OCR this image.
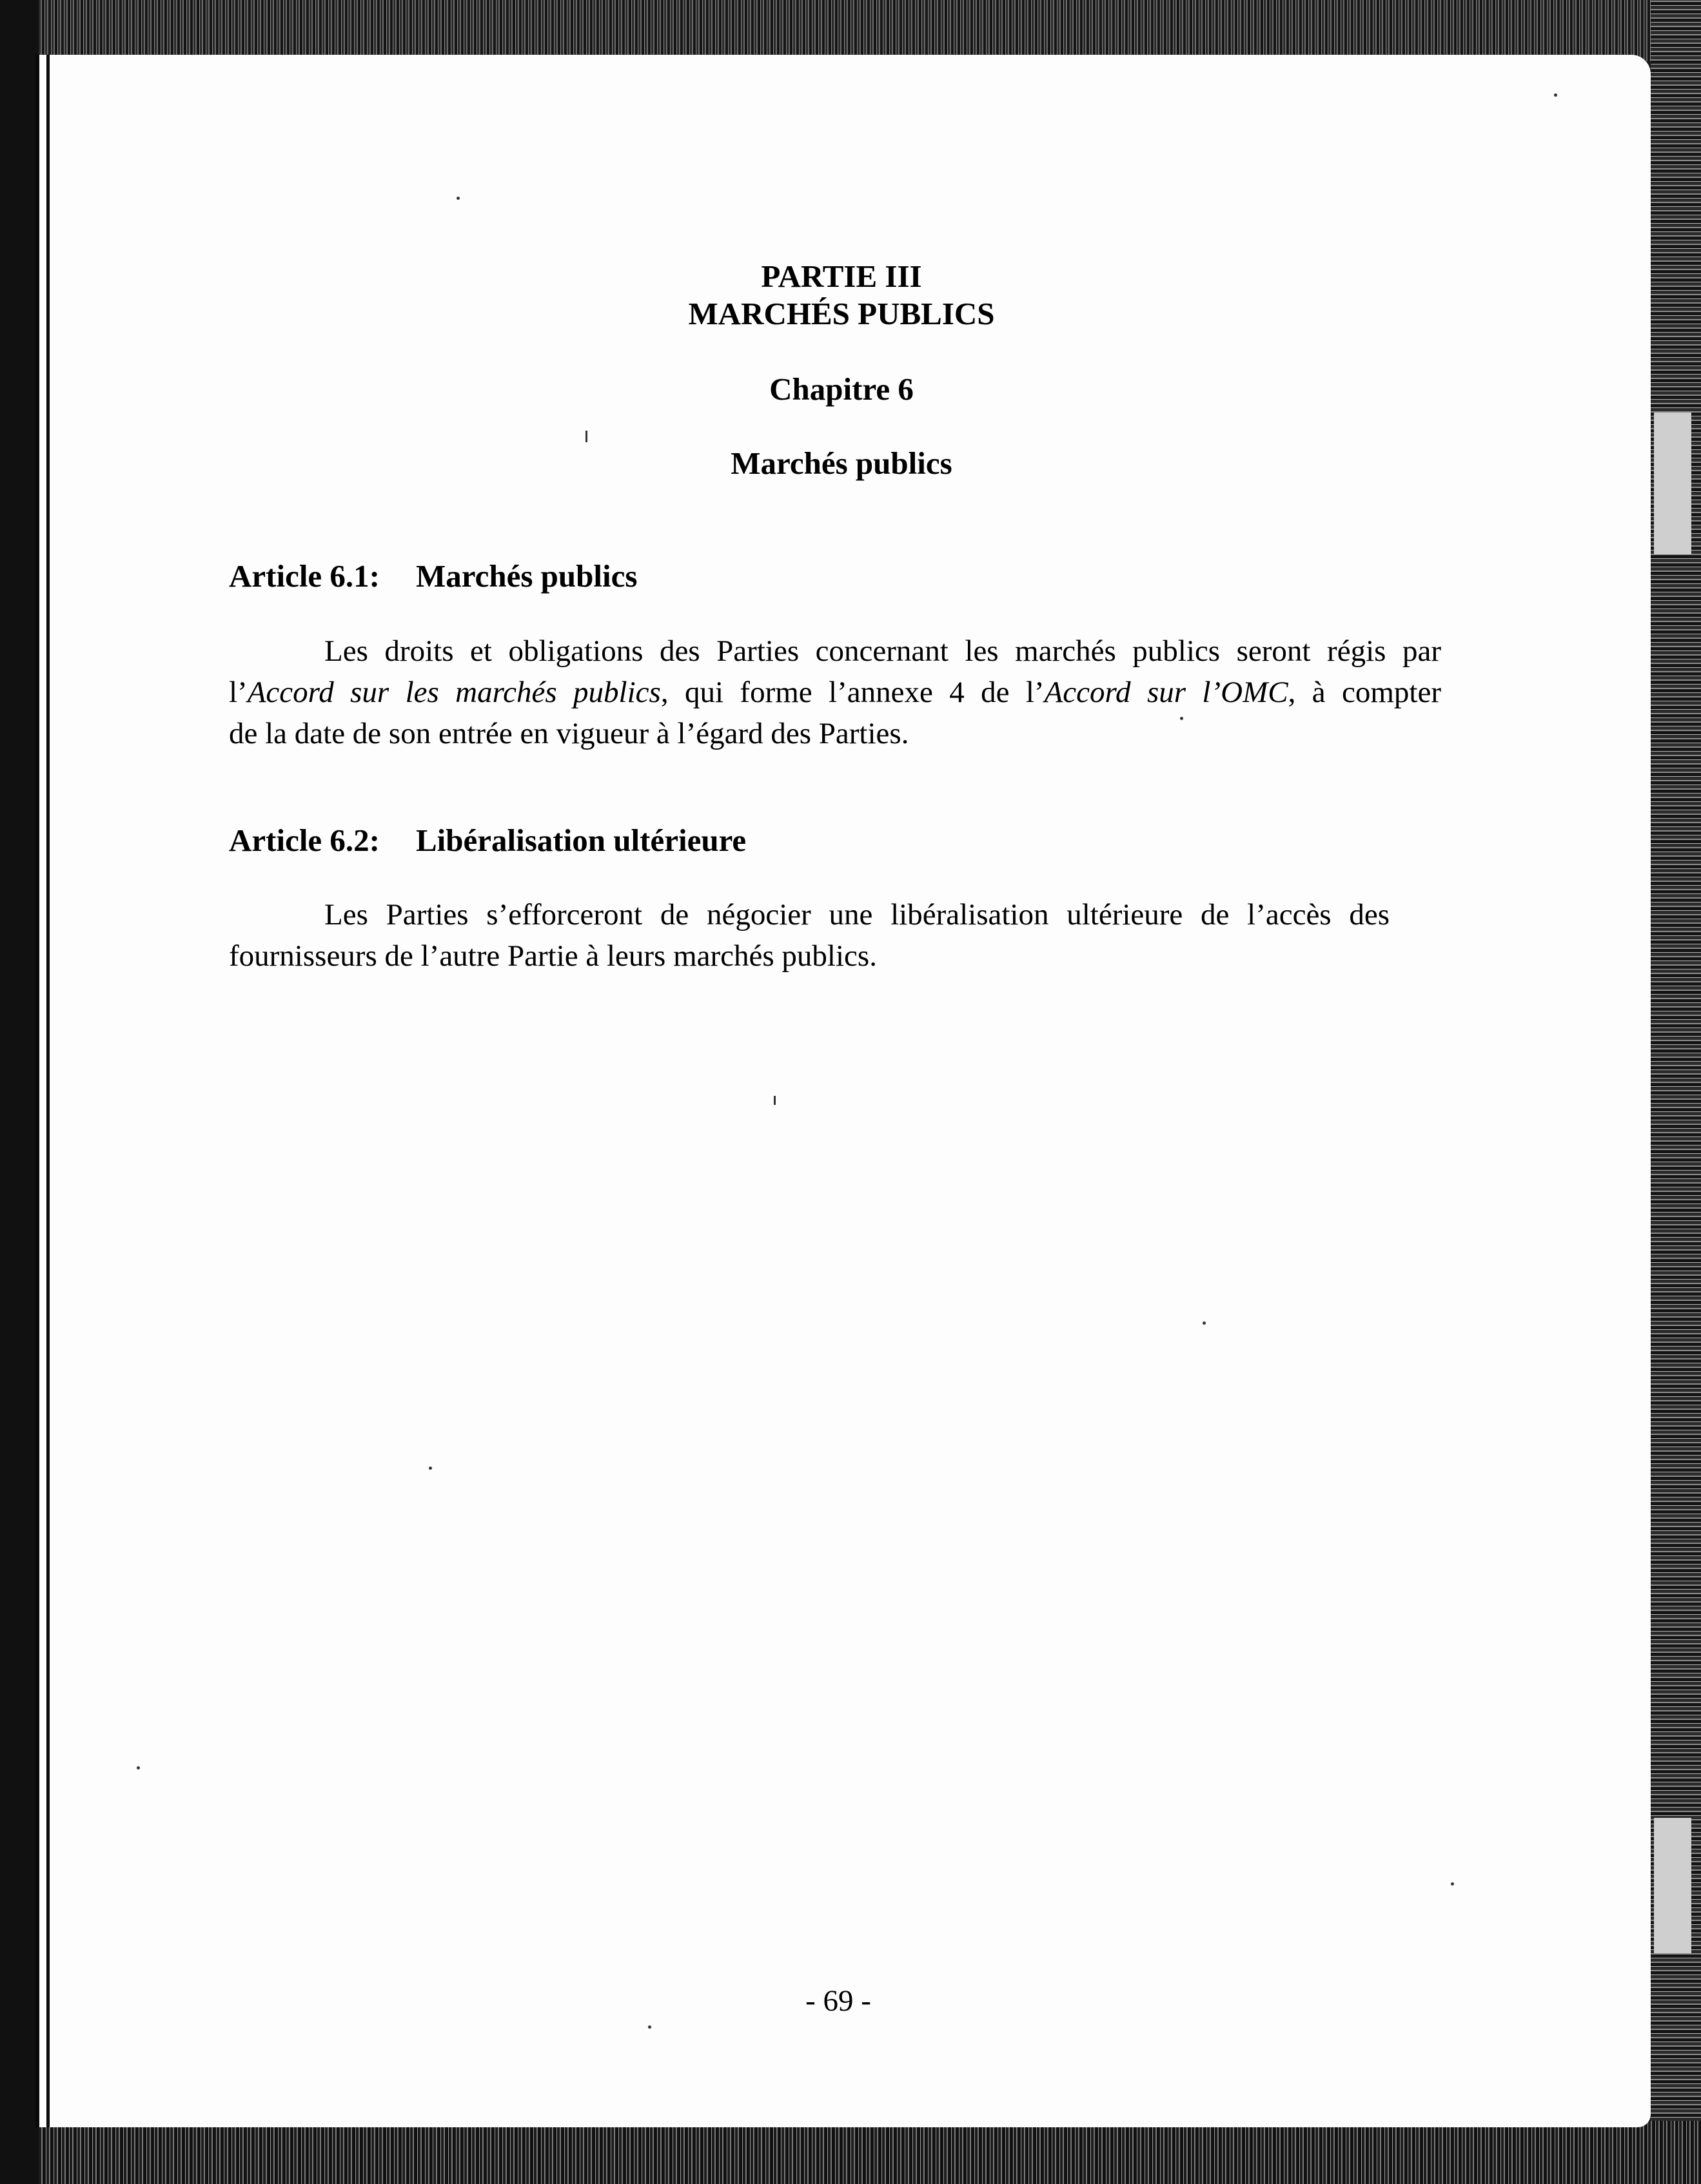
PARTIE III
MARCHÉS PUBLICS
Chapitre 6
Marchés publics
Article 6.1: Marchés publics
Les droits et obligations des Parties concernant les marchés publics seront régis par
l’Accord sur les marchés publics, qui forme l’annexe 4 de l’Accord sur l’OMC, à compter
de la date de son entrée en vigueur à l’égard des Parties.
Article 6.2: Libéralisation ultérieure
Les Parties s’efforceront de négocier une libéralisation ultérieure de l’accès des
fournisseurs de l’autre Partie à leurs marchés publics.
- 69 -
